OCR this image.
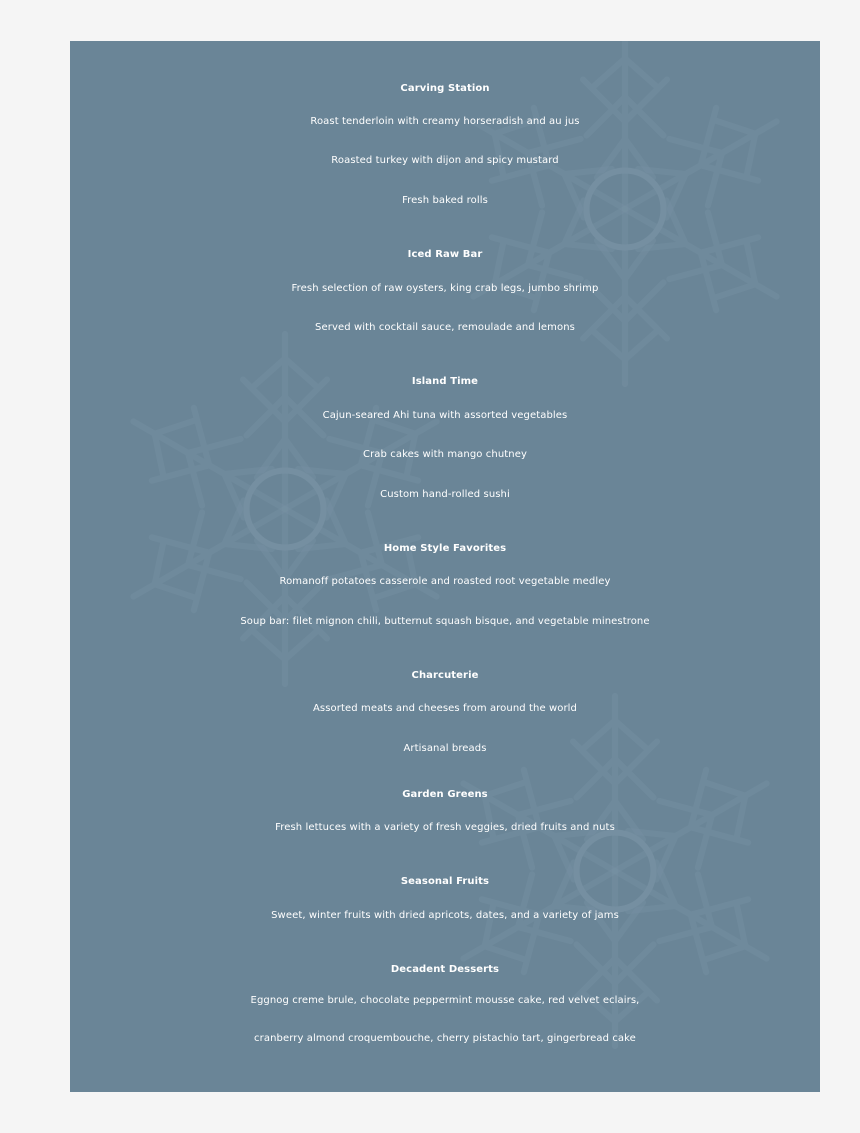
Carving Station
Roast tenderloin with creamy horseradish and au jus
Roasted turkey with dijon and spicy mustard
Fresh baked rolls
Iced Raw Bar
Fresh selection of raw oysters, king crab legs, jumbo shrimp
Served with cocktail sauce, remoulade and lemons
Island Time
Cajun-seared Ahi tuna with assorted vegetables
Crab cakes with mango chutney
Custom hand-rolled sushi
Home Style Favorites
Romanoff potatoes casserole and roasted root vegetable medley
Soup bar: filet mignon chili, butternut squash bisque, and vegetable minestrone
Charcuterie
Assorted meats and cheeses from around the world
Artisanal breads
Garden Greens
Fresh lettuces with a variety of fresh veggies, dried fruits and nuts
Seasonal Fruits
Sweet, winter fruits with dried apricots, dates, and a variety of jams
Decadent Desserts
Eggnog creme brule, chocolate peppermint mousse cake, red velvet eclairs,
cranberry almond croquembouche, cherry pistachio tart, gingerbread cake
